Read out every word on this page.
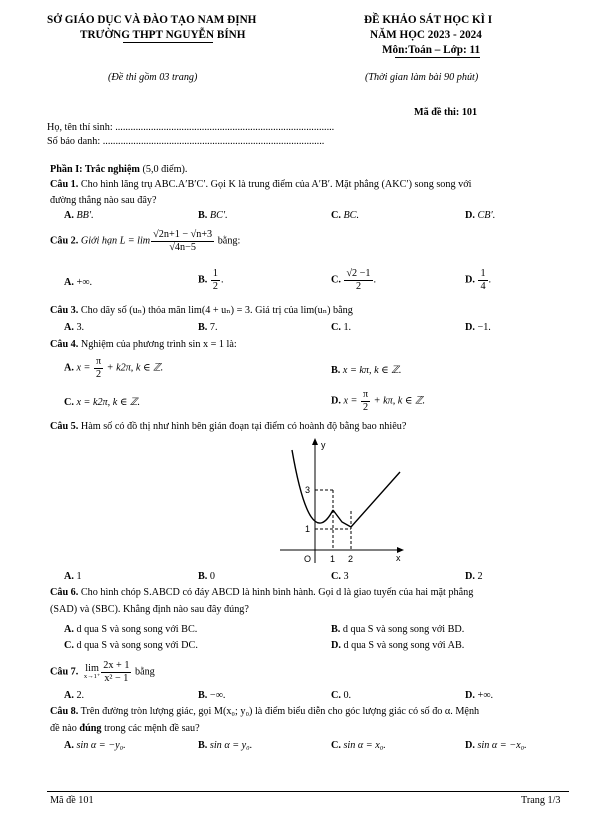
SỞ GIÁO DỤC VÀ ĐÀO TẠO NAM ĐỊNH
TRƯỜNG THPT NGUYỄN BÍNH
(Đề thi gồm 03 trang)
ĐỀ KHẢO SÁT HỌC KÌ I
NĂM HỌC 2023 - 2024
Môn:Toán – Lớp: 11
(Thời gian làm bài 90 phút)
Mã đề thi: 101
Họ, tên thí sinh: ......................................................................................
Số báo danh: .......................................................................................
Phần I: Trắc nghiệm (5,0 điểm).
Câu 1. Cho hình lăng trụ ABC.A′B′C′. Gọi K là trung điểm của A′B′. Mặt phẳng (AKC′) song song với
đường thẳng nào sau đây?
A. BB′.	B. BC′.	C. BC.	D. CB′.
Câu 2. Giới hạn $L = \lim \frac{√2n+1 - √n+3}{√4n-5}$ bằng:
A. +∞.	B. $\frac{1}{2}$ .	C. $\frac{√2 -1}{2}$ .	D. $\frac{1}{4}$ .
Câu 3. Cho dãy số (uₙ) thỏa mãn lim(4 + uₙ) = 3. Giá trị của lim(uₙ) bằng
A. 3.	B. 7.	C. 1.	D. −1.
Câu 4. Nghiệm của phương trình sin x = 1 là:
A. $x = \frac{\pi}{2} + k2\pi$, k ∈ ℤ.	B. x = kπ, k ∈ ℤ.
C. x = k2π, k ∈ ℤ.	D. $x = \frac{\pi}{2} + k\pi$, k ∈ ℤ.
Câu 5. Hàm số có đồ thị như hình bên gián đoạn tại điểm có hoành độ bằng bao nhiêu?
y
x
O 1 2
1
3
A. 1	B. 0	C. 3	D. 2
Câu 6. Cho hình chóp S.ABCD có đáy ABCD là hình bình hành. Gọi d là giao tuyến của hai mặt phẳng
(SAD) và (SBC). Khẳng định nào sau đây đúng?
A. d qua S và song song với BC.	B. d qua S và song song với BD.
C. d qua S và song song với DC.	D. d qua S và song song với AB.
Câu 7. lim
$x\to 1^+ \frac{2x + 1}{\text{x² − 1}}$ bằng
A. 2.	B. −∞.	C. 0.	D. +∞.
Câu 8. Trên đường tròn lượng giác, gọi M(x₀; y₀) là điểm biểu diễn cho góc lượng giác có số đo α. Mệnh
đề nào đúng trong các mệnh đề sau?
A. sin α = −y₀.	B. sin α = y₀.	C. sin α = x₀.	D. sin α = −x₀.
Mã đề 101	Trang 1/3
